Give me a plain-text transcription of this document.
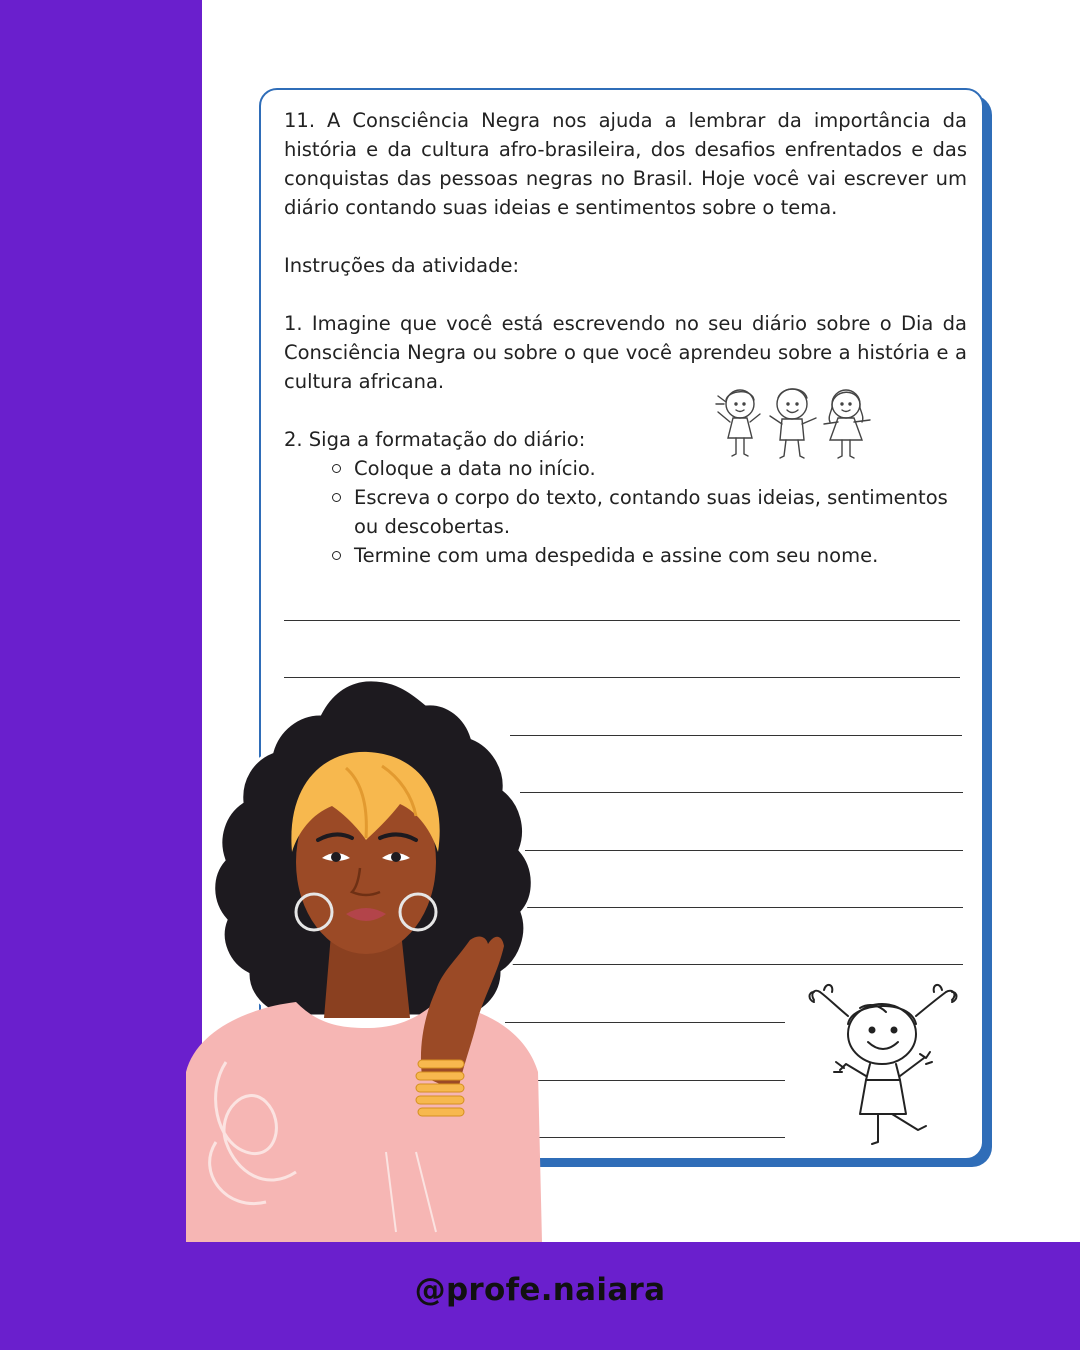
11. A Consciência Negra nos ajuda a lembrar da importância da história e da cultura afro-brasileira, dos desafios enfrentados e das conquistas das pessoas negras no Brasil. Hoje você vai escrever um diário contando suas ideias e sentimentos sobre o tema.

Instruções da atividade:

1. Imagine que você está escrevendo no seu diário sobre o Dia da Consciência Negra ou sobre o que você aprendeu sobre a história e a cultura africana.

2. Siga a formatação do diário:

Coloque a data no início.
Escreva o corpo do texto, contando suas ideias, sentimentos ou descobertas.
Termine com uma despedida e assine com seu nome.
@profe.naiara
